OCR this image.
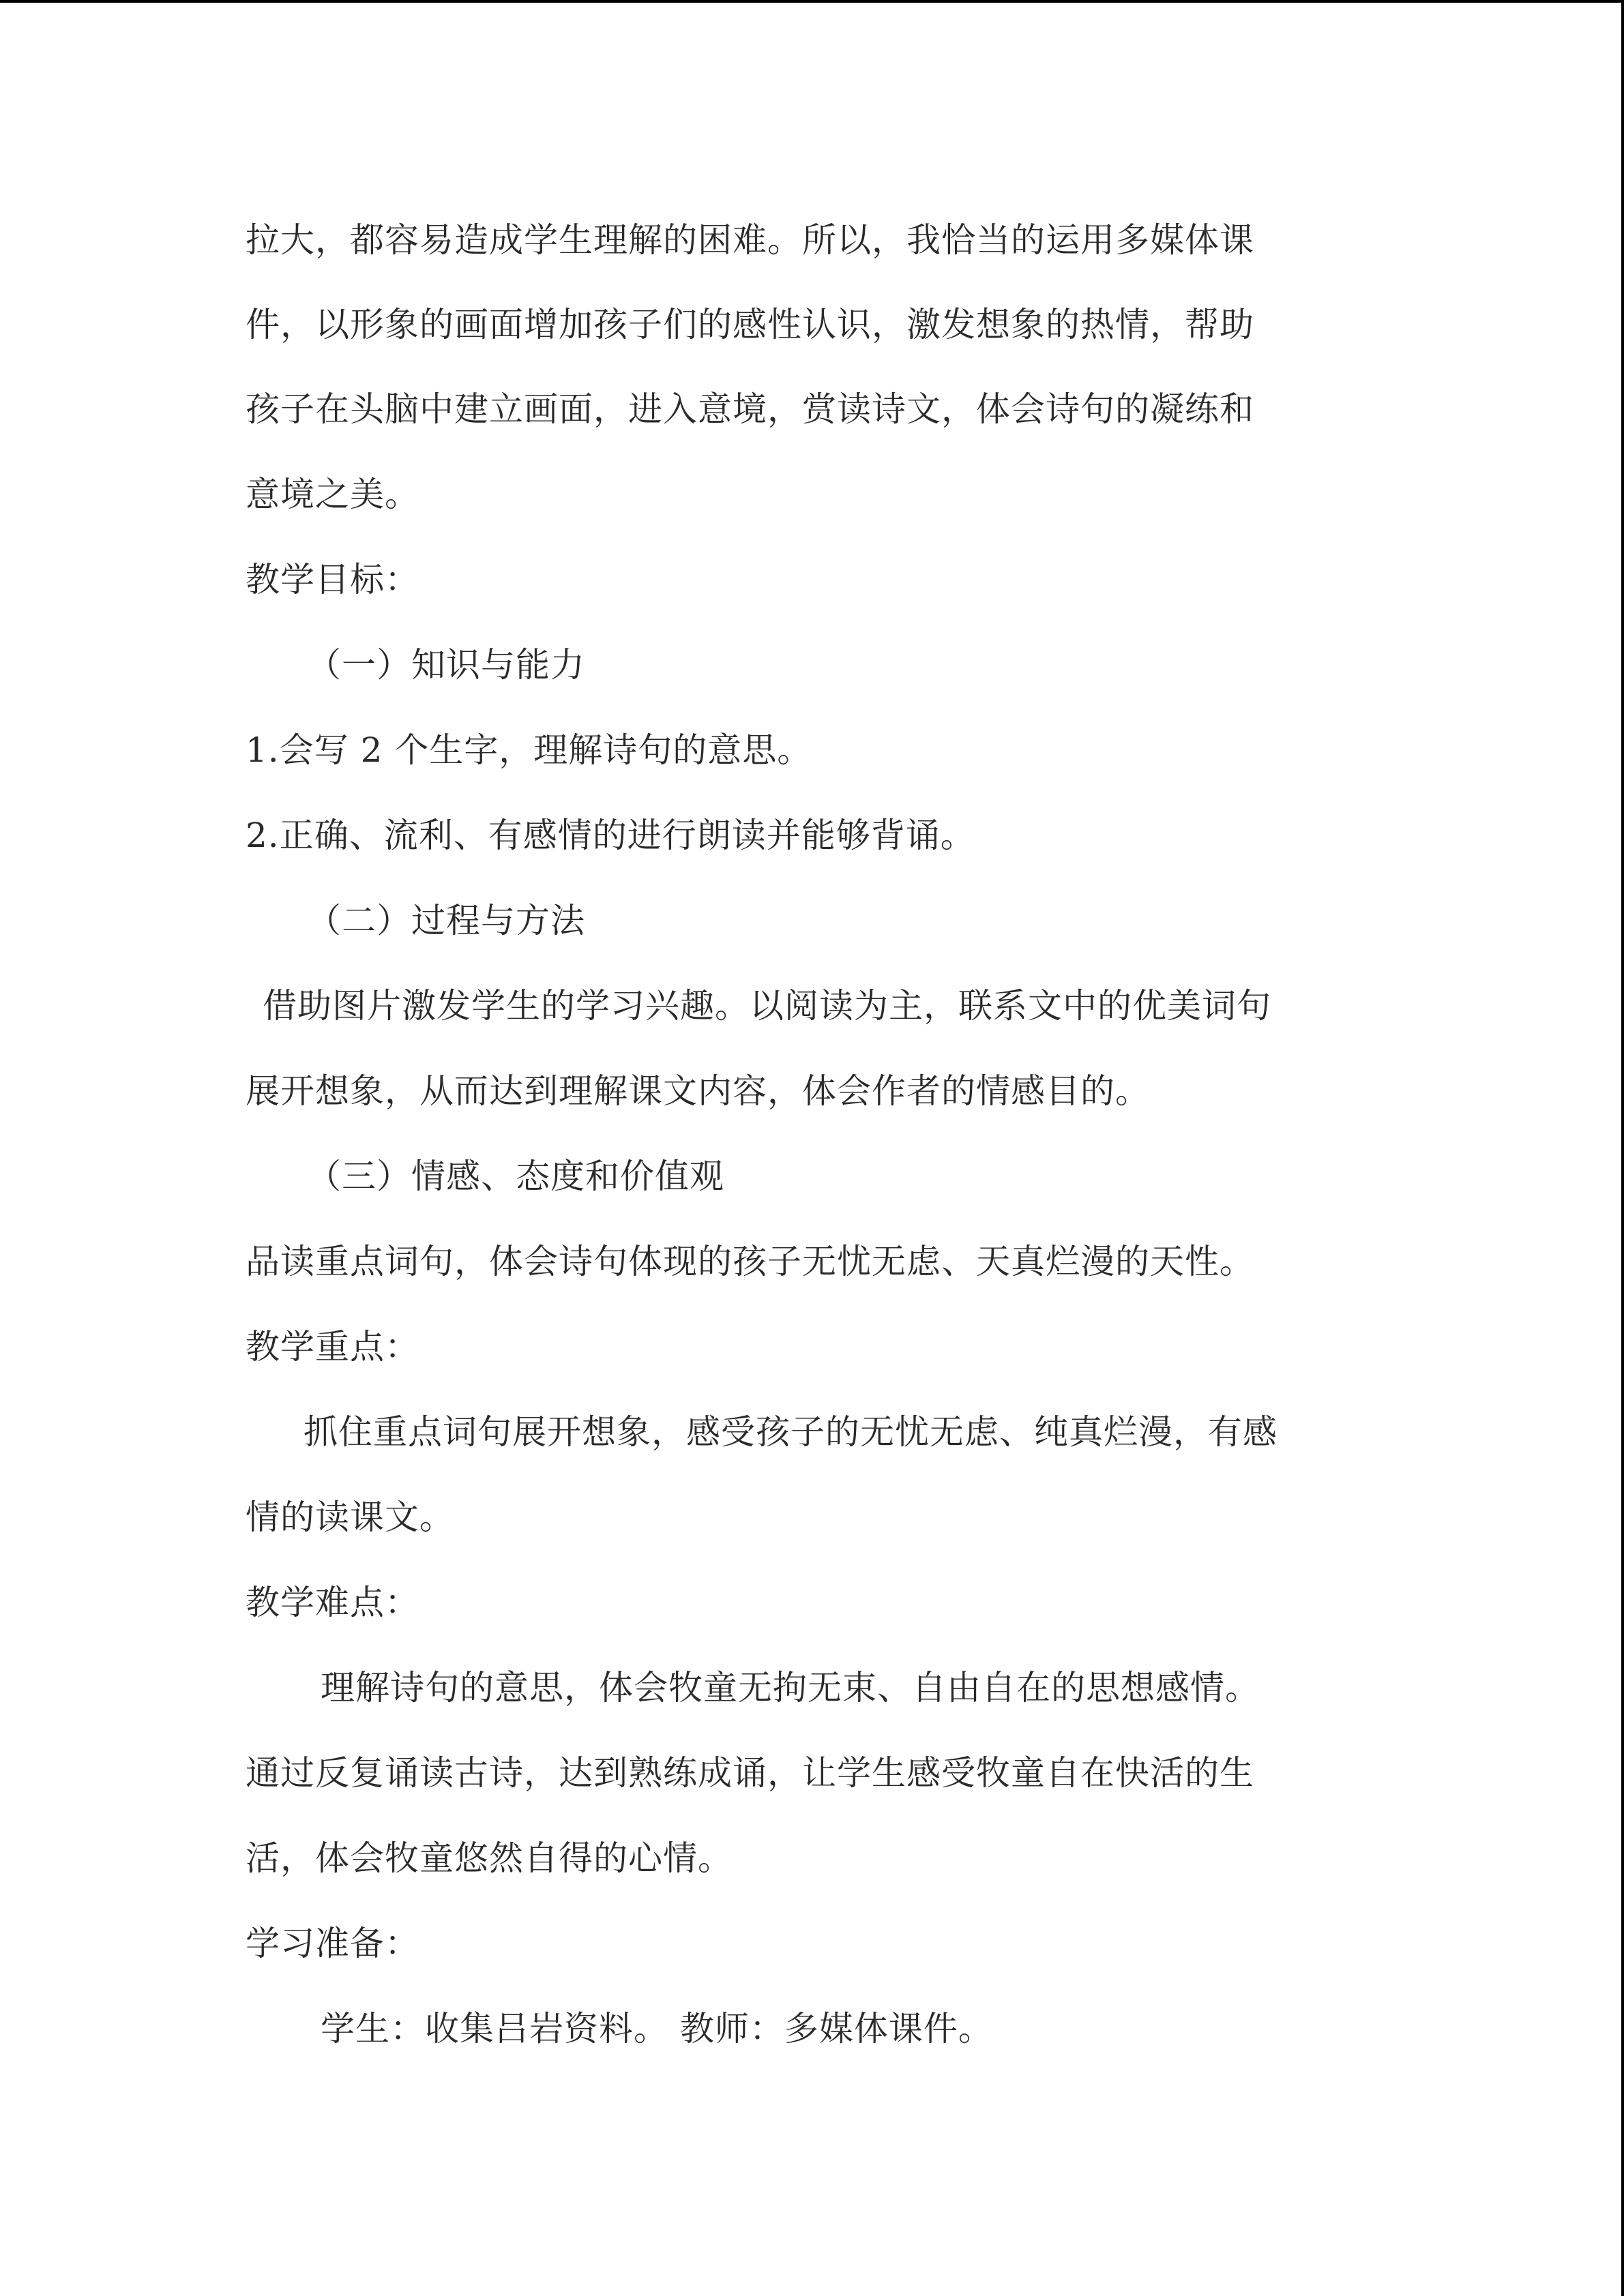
拉大，都容易造成学生理解的困难。所以，我恰当的运用多媒体课
件，以形象的画面增加孩子们的感性认识，激发想象的热情，帮助
孩子在头脑中建立画面，进入意境，赏读诗文，体会诗句的凝练和
意境之美。
教学目标：
（一）知识与能力
1.会写 2 个生字，理解诗句的意思。
2.正确、流利、有感情的进行朗读并能够背诵。
（二）过程与方法
借助图片激发学生的学习兴趣。以阅读为主，联系文中的优美词句
展开想象，从而达到理解课文内容，体会作者的情感目的。
（三）情感、态度和价值观
品读重点词句，体会诗句体现的孩子无忧无虑、天真烂漫的天性。
教学重点：
抓住重点词句展开想象，感受孩子的无忧无虑、纯真烂漫，有感
情的读课文。
教学难点：
理解诗句的意思，体会牧童无拘无束、自由自在的思想感情。
通过反复诵读古诗，达到熟练成诵，让学生感受牧童自在快活的生
活，体会牧童悠然自得的心情。
学习准备：
学生：收集吕岩资料。 教师：多媒体课件。
